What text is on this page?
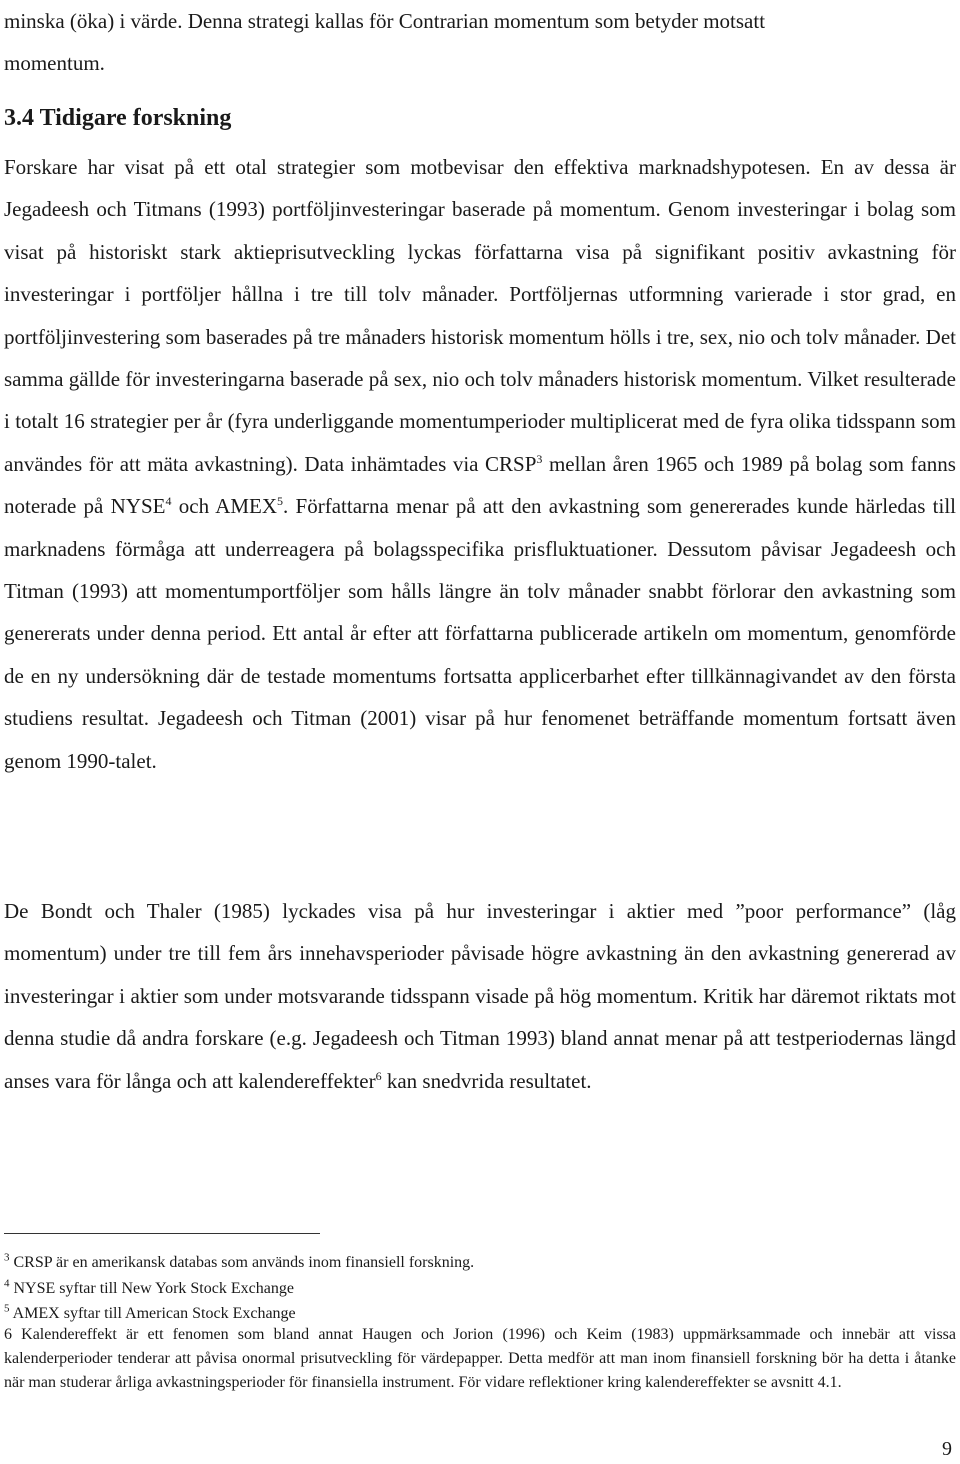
minska (öka) i värde. Denna strategi kallas för Contrarian momentum som betyder motsatt
momentum.

3.4 Tidigare forskning

Forskare har visat på ett otal strategier som motbevisar den effektiva marknadshypotesen. En av dessa är Jegadeesh och Titmans (1993) portföljinvesteringar baserade på momentum. Genom investeringar i bolag som visat på historiskt stark aktieprisutveckling lyckas författarna visa på signifikant positiv avkastning för investeringar i portföljer hållna i tre till tolv månader. Portföljernas utformning varierade i stor grad, en portföljinvestering som baserades på tre månaders historisk momentum hölls i tre, sex, nio och tolv månader. Det samma gällde för investeringarna baserade på sex, nio och tolv månaders historisk momentum. Vilket resulterade i totalt 16 strategier per år (fyra underliggande momentumperioder multiplicerat med de fyra olika tidsspann som användes för att mäta avkastning). Data inhämtades via CRSP$^3$ mellan åren 1965 och 1989 på bolag som fanns noterade på NYSE$^4$ och AMEX$^5$. Författarna menar på att den avkastning som genererades kunde härledas till marknadens förmåga att underreagera på bolagsspecifika prisfluktuationer. Dessutom påvisar Jegadeesh och Titman (1993) att momentumportföljer som hålls längre än tolv månader snabbt förlorar den avkastning som genererats under denna period. Ett antal år efter att författarna publicerade artikeln om momentum, genomförde de en ny undersökning där de testade momentums fortsatta applicerbarhet efter tillkännagivandet av den första studiens resultat. Jegadeesh och Titman (2001) visar på hur fenomenet beträffande momentum fortsatt även genom 1990-talet.

De Bondt och Thaler (1985) lyckades visa på hur investeringar i aktier med ”poor performance” (låg momentum) under tre till fem års innehavsperioder påvisade högre avkastning än den avkastning genererad av investeringar i aktier som under motsvarande tidsspann visade på hög momentum. Kritik har däremot riktats mot denna studie då andra forskare (e.g. Jegadeesh och Titman 1993) bland annat menar på att testperiodernas längd anses vara för långa och att kalendereffekter$^6$ kan snedvrida resultatet.

$^3$ CRSP är en amerikansk databas som används inom finansiell forskning.

$^4$ NYSE syftar till New York Stock Exchange

$^5$ AMEX syftar till American Stock Exchange

6 Kalendereffekt är ett fenomen som bland annat Haugen och Jorion (1996) och Keim (1983) uppmärksammade och innebär att vissa kalenderperioder tenderar att påvisa onormal prisutveckling för värdepapper. Detta medför att man inom finansiell forskning bör ha detta i åtanke när man studerar årliga avkastningsperioder för finansiella instrument. För vidare reflektioner kring kalendereffekter se avsnitt 4.1.

9
